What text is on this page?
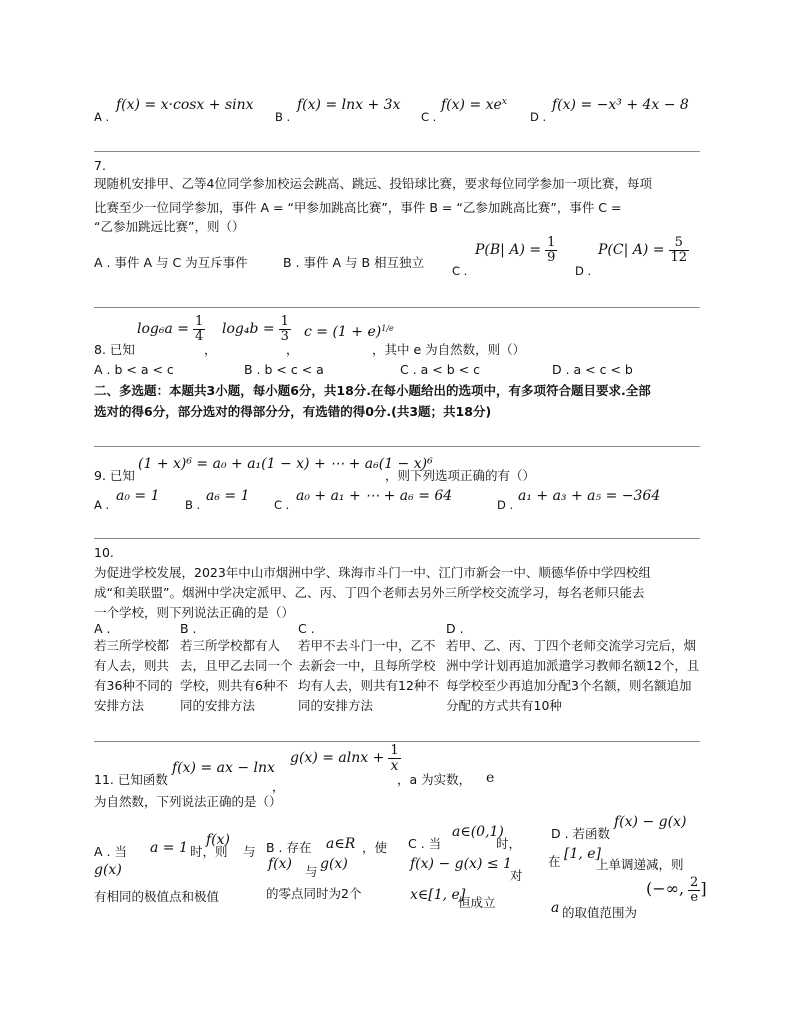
A .
f(x) = x·cosx + sinx
B .
f(x) = lnx + 3x
C .
$f(x) = xe^x$
D .
f(x) = −x³ + 4x − 8
7.
现随机安排甲、乙等4位同学参加校运会跳高、跳远、投铅球比赛，要求每位同学参加一项比赛，每项
比赛至少一位同学参加，事件 A = “甲参加跳高比赛”，事件 B = “乙参加跳高比赛”，事件 C =
“乙参加跳远比赛”，则（）
A . 事件 A 与 C 为互斥事件	B . 事件 A 与 B 相互独立
C .
P(B| $A) = \frac{1}{9}$
D .
P(C| $A) = \frac{5}{12}$
8. 已知
$\log_6a = \frac{1}{4}$
，
$\log_4b = \frac{1}{3}$
，
$c = (1 + e)^{1/e}$
，其中 e 为自然数，则（）
A . b < a < c	B . b < c < a	C . a < b < c	D . a < c < b
二、多选题：本题共3小题，每小题6分，共18分.在每小题给出的选项中，有多项符合题目要求.全部
选对的得6分，部分选对的得部分分，有选错的得0分.(共3题；共18分)
9. 已知
(1 + x)⁶ = a₀ + a₁(1 − x) + ⋯ + a₆(1 − x)⁶
，则下列选项正确的有（）
A .
a₀ = 1
B .
a₆ = 1
C .
a₀ + a₁ + ⋯ + a₆ = 64
D .
a₁ + a₃ + a₅ = −364
10.
为促进学校发展，2023年中山市烟洲中学、珠海市斗门一中、江门市新会一中、顺德华侨中学四校组
成“和美联盟”。烟洲中学决定派甲、乙、丙、丁四个老师去另外三所学校交流学习，每名老师只能去
一个学校，则下列说法正确的是（）
A .
若三所学校都有人去，则共有36种不同的安排方法
B .
若三所学校都有人去，且甲乙去同一个学校，则共有6种不同的安排方法
C .
若甲不去斗门一中，乙不去新会一中，且每所学校均有人去，则共有12种不同的安排方法
D .
若甲、乙、丙、丁四个老师交流学习完后，烟洲中学计划再追加派遣学习教师名额12个，且每学校至少再追加分配3个名额，则名额追加分配的方式共有10种
11. 已知函数
f(x) = ax − lnx
，
$g(x) = alnx + \frac{1}{x}$
，a 为实数， e
为自然数，下列说法正确的是（）
A . 当 a = 1 时，则
f(x)
与
g(x)
有相同的极值点和极值
B . 存在 a∈R ，使
f(x) 与 g(x)
的零点同时为2个
C . 当
a∈(0,1)
时，
f(x) − g(x) ≤ 1
对
x∈[1, e]
恒成立
D . 若函数
f(x) − g(x)
在 [1, e]
上单调递减，则
a 的取值范围为
(−∞, $\frac{2}{e}$ ]
